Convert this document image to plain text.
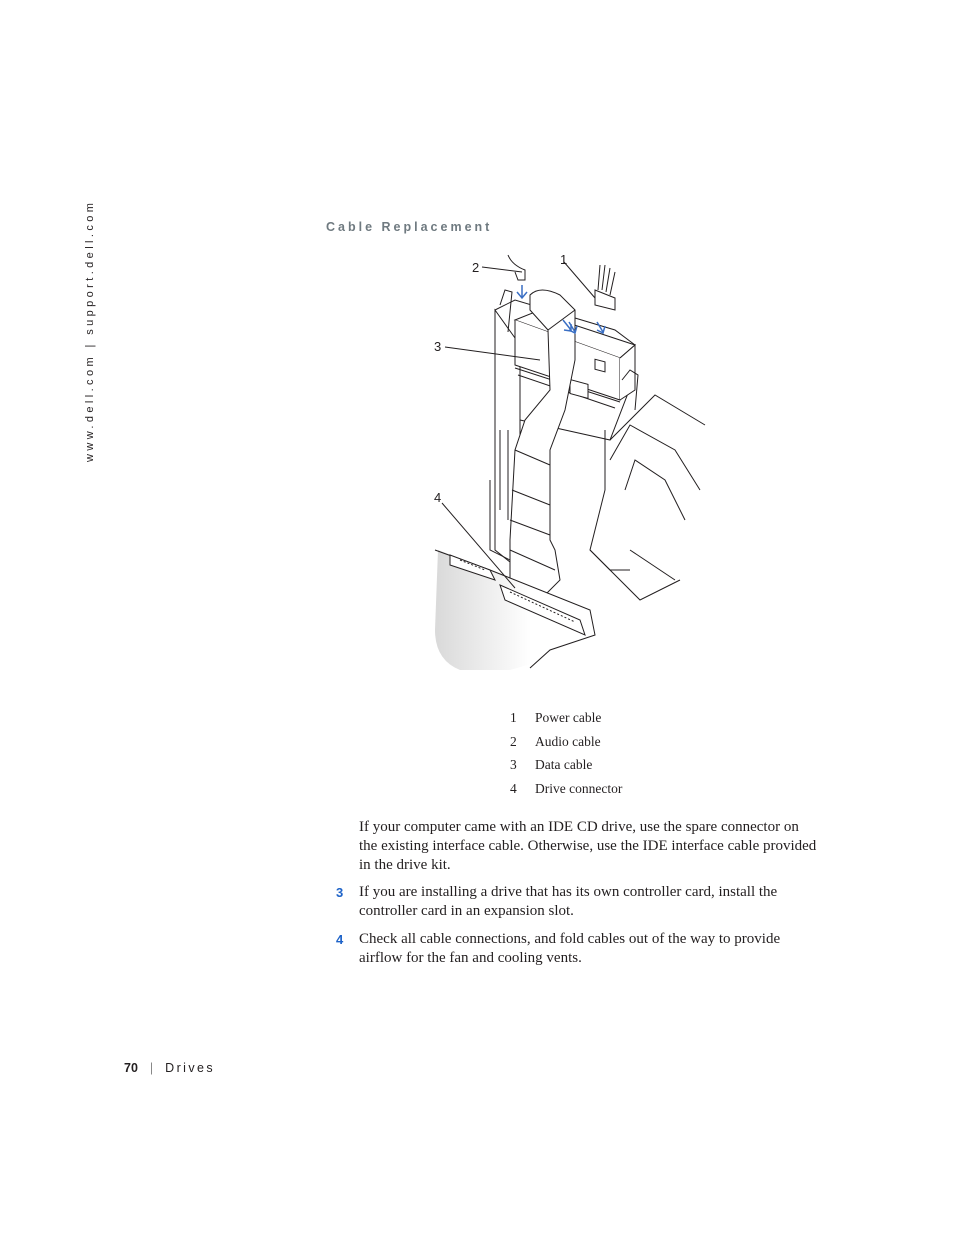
www.dell.com | support.dell.com	Cable Replacement
2
1
3
4
1 Power cable
2 Audio cable
3 Data cable
4 Drive connector

If your computer came with an IDE CD drive, use the spare connector on the existing interface cable. Otherwise, use the IDE interface cable provided in the drive kit.

3 If you are installing a drive that has its own controller card, install the controller card in an expansion slot.

4 Check all cable connections, and fold cables out of the way to provide airflow for the fan and cooling vents.

70 | Drives
